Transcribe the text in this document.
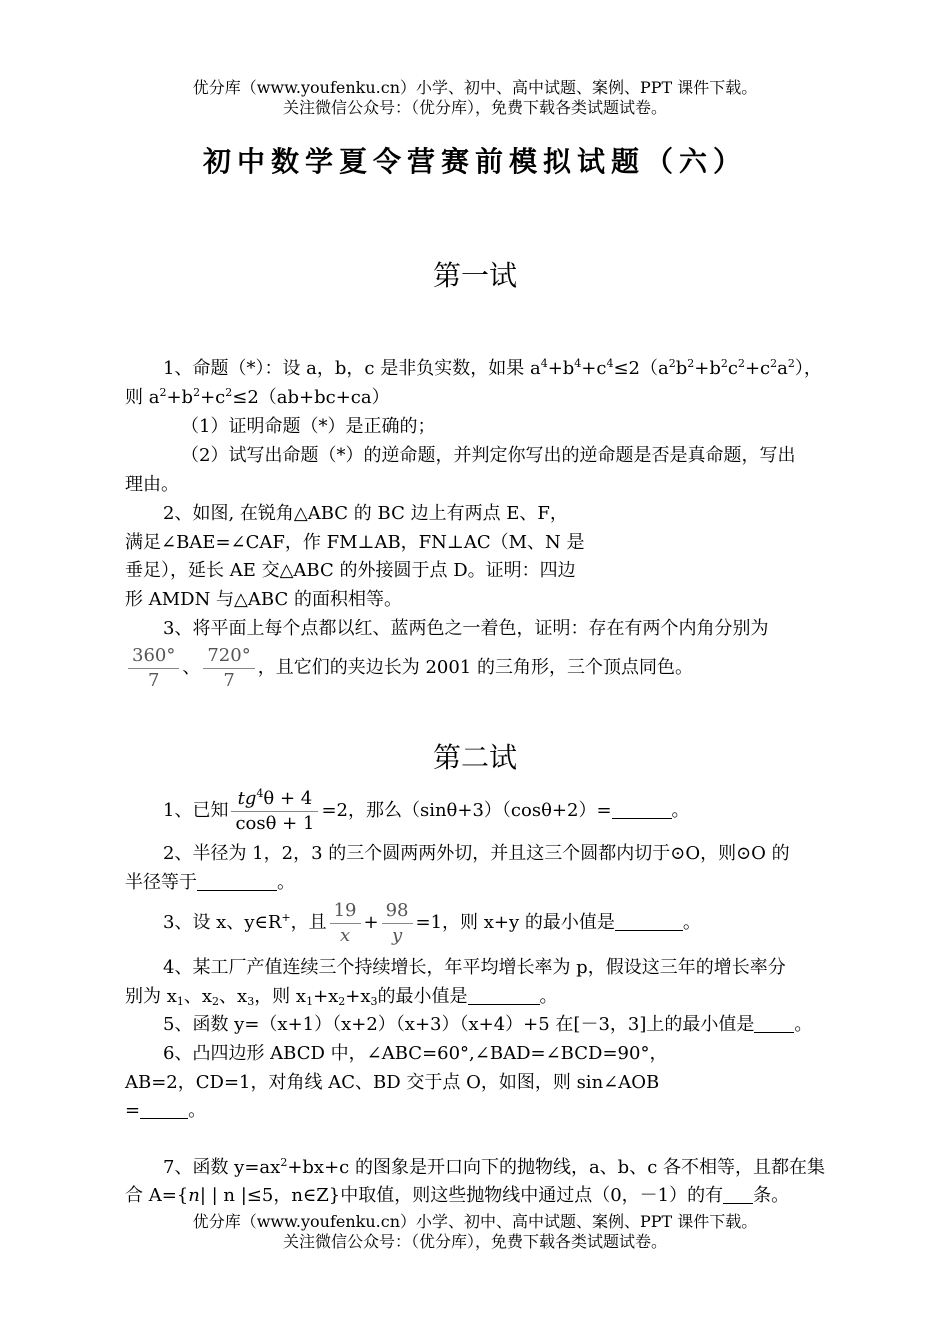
优分库（www.youfenku.cn）小学、初中、高中试题、案例、PPT 课件下载。
关注微信公众号：（优分库），免费下载各类试题试卷。
初中数学夏令营赛前模拟试题（六）
第一试
1、命题（*）：设 a，b，c 是非负实数，如果 $a^4+b^4+c^4\le 2(a^2b^2+b^2c^2+c^2a^2)$，
则 $a^2+b^2+c^2\le 2(ab+bc+ca)$
（1）证明命题（*）是正确的；
（2）试写出命题（*）的逆命题，并判定你写出的逆命题是否是真命题，写出
理由。
2、如图, 在锐角△ABC 的 BC 边上有两点 E、F，
满足∠BAE=∠CAF，作 FM⊥AB，FN⊥AC（M、N 是
垂足），延长 AE 交△ABC 的外接圆于点 D。证明：四边
形 AMDN 与△ABC 的面积相等。
3、将平面上每个点都以红、蓝两色之一着色，证明：存在有两个内角分别为
$\frac{360^\circ}{7}$ 、 $\frac{720^\circ}{7}$ ，且它们的夹边长为 2001 的三角形，三个顶点同色。
第二试
1、已知 $\frac{tg^4\theta + 4}{\cos\theta + 1} =2$，那么（sinθ+3）（cosθ+2）=	。
2、半径为 1，2，3 的三个圆两两外切，并且这三个圆都内切于⊙O，则⊙O 的
半径等于	。
3、设 x、y∈R+，且 $\frac{19}{x} + \frac{98}{y} =1$，则 x+y 的最小值是	。
4、某工厂产值连续三个持续增长，年平均增长率为 p，假设这三年的增长率分
别为 $x_1$、$x_2$、$x_3$，则 $x_1+x_2+x_3$的最小值是	。
5、函数 y=（x+1）（x+2）（x+3）（x+4）+5 在[－3，3]上的最小值是 。
6、凸四边形 ABCD 中，∠ABC=60°,∠BAD=∠BCD=90°，
AB=2，CD=1，对角线 AC、BD 交于点 O，如图，则 sin∠AOB
=	。
7、函数 $y=ax^2+bx+c$ 的图象是开口向下的抛物线，a、b、c 各不相等，且都在集
合 A={n| | n |≤5，n∈Z}中取值，则这些抛物线中通过点（0，－1）的有 条。
优分库（www.youfenku.cn）小学、初中、高中试题、案例、PPT 课件下载。
关注微信公众号：（优分库），免费下载各类试题试卷。
